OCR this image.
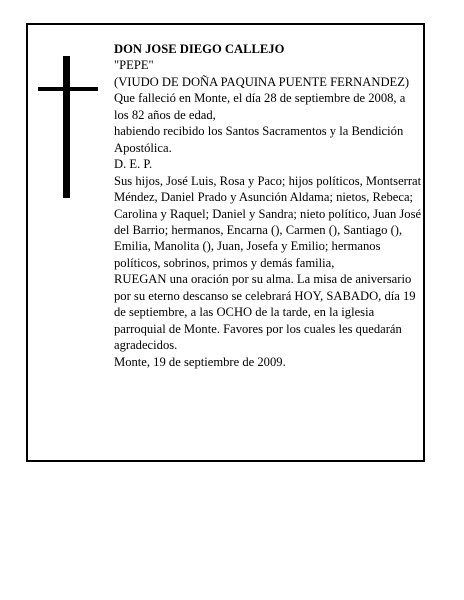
DON JOSE DIEGO CALLEJO

"PEPE"

(VIUDO DE DOÑA PAQUINA PUENTE FERNANDEZ)

Que falleció en Monte, el día 28 de septiembre de 2008, a los 82 años de edad,

habiendo recibido los Santos Sacramentos y la Bendición Apostólica.

D. E. P.

Sus hijos, José Luis, Rosa y Paco; hijos políticos, Montserrat Méndez, Daniel Prado y Asunción Aldama; nietos, Rebeca; Carolina y Raquel; Daniel y Sandra; nieto político, Juan José del Barrio; hermanos, Encarna (), Carmen (), Santiago (), Emilia, Manolita (), Juan, Josefa y Emilio; hermanos políticos, sobrinos, primos y demás familia,

RUEGAN una oración por su alma. La misa de aniversario por su eterno descanso se celebrará HOY, SABADO, día 19 de septiembre, a las OCHO de la tarde, en la iglesia parroquial de Monte. Favores por los cuales les quedarán agradecidos.

Monte, 19 de septiembre de 2009.
